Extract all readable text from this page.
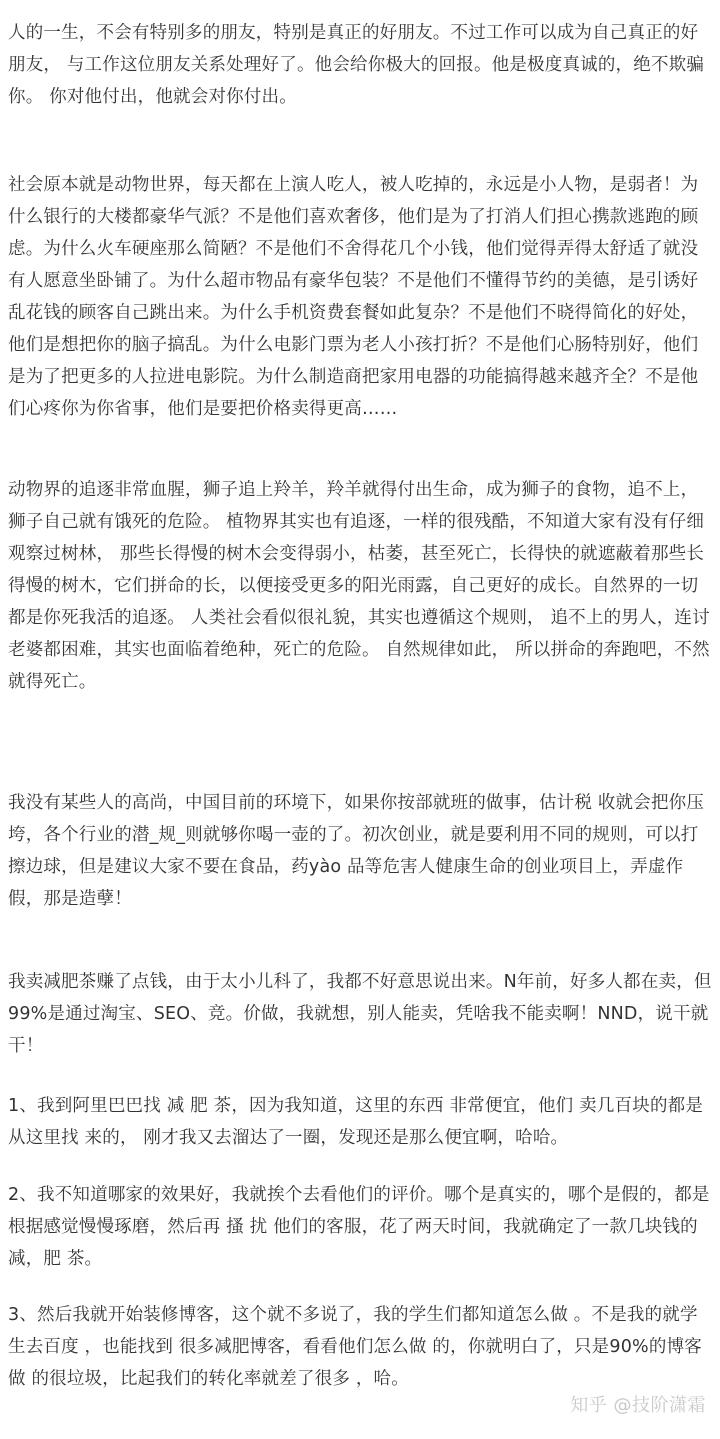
人的一生，不会有特别多的朋友，特别是真正的好朋友。不过工作可以成为自己真正的好朋友， 与工作这位朋友关系处理好了。他会给你极大的回报。他是极度真诚的，绝不欺骗你。 你对他付出，他就会对你付出。

社会原本就是动物世界，每天都在上演人吃人，被人吃掉的，永远是小人物，是弱者！为什么银行的大楼都豪华气派？不是他们喜欢奢侈，他们是为了打消人们担心携款逃跑的顾虑。为什么火车硬座那么简陋？不是他们不舍得花几个小钱，他们觉得弄得太舒适了就没有人愿意坐卧铺了。为什么超市物品有豪华包装？不是他们不懂得节约的美德，是引诱好乱花钱的顾客自己跳出来。为什么手机资费套餐如此复杂？不是他们不晓得简化的好处，他们是想把你的脑子搞乱。为什么电影门票为老人小孩打折？不是他们心肠特别好，他们是为了把更多的人拉进电影院。为什么制造商把家用电器的功能搞得越来越齐全？不是他们心疼你为你省事，他们是要把价格卖得更高……

动物界的追逐非常血腥，狮子追上羚羊，羚羊就得付出生命，成为狮子的食物，追不上，狮子自己就有饿死的危险。 植物界其实也有追逐，一样的很残酷，不知道大家有没有仔细观察过树林， 那些长得慢的树木会变得弱小，枯萎，甚至死亡，长得快的就遮蔽着那些长得慢的树木，它们拼命的长，以便接受更多的阳光雨露，自己更好的成长。自然界的一切都是你死我活的追逐。 人类社会看似很礼貌，其实也遵循这个规则， 追不上的男人，连讨老婆都困难，其实也面临着绝种，死亡的危险。 自然规律如此， 所以拼命的奔跑吧，不然就得死亡。

我没有某些人的高尚，中国目前的环境下，如果你按部就班的做事，估计税 收就会把你压垮，各个行业的潜_规_则就够你喝一壶的了。初次创业，就是要利用不同的规则，可以打擦边球，但是建议大家不要在食品，药yào 品等危害人健康生命的创业项目上，弄虚作假，那是造孽！

我卖减肥茶赚了点钱，由于太小儿科了，我都不好意思说出来。N年前，好多人都在卖，但99%是通过淘宝、SEO、竞。价做，我就想，别人能卖，凭啥我不能卖啊！NND，说干就干！

1、我到阿里巴巴找 减 肥 茶，因为我知道，这里的东西 非常便宜，他们 卖几百块的都是从这里找 来的， 刚才我又去溜达了一圈，发现还是那么便宜啊，哈哈。

2、我不知道哪家的效果好，我就挨个去看他们的评价。哪个是真实的，哪个是假的，都是根据感觉慢慢琢磨，然后再 搔 扰 他们的客服，花了两天时间，我就确定了一款几块钱的减，肥 茶。

3、然后我就开始装修博客，这个就不多说了，我的学生们都知道怎么做 。不是我的就学生去百度 ，也能找到 很多减肥博客，看看他们怎么做 的，你就明白了，只是90%的博客做 的很垃圾，比起我们的转化率就差了很多 ，哈。

知乎 @技阶潇霜
